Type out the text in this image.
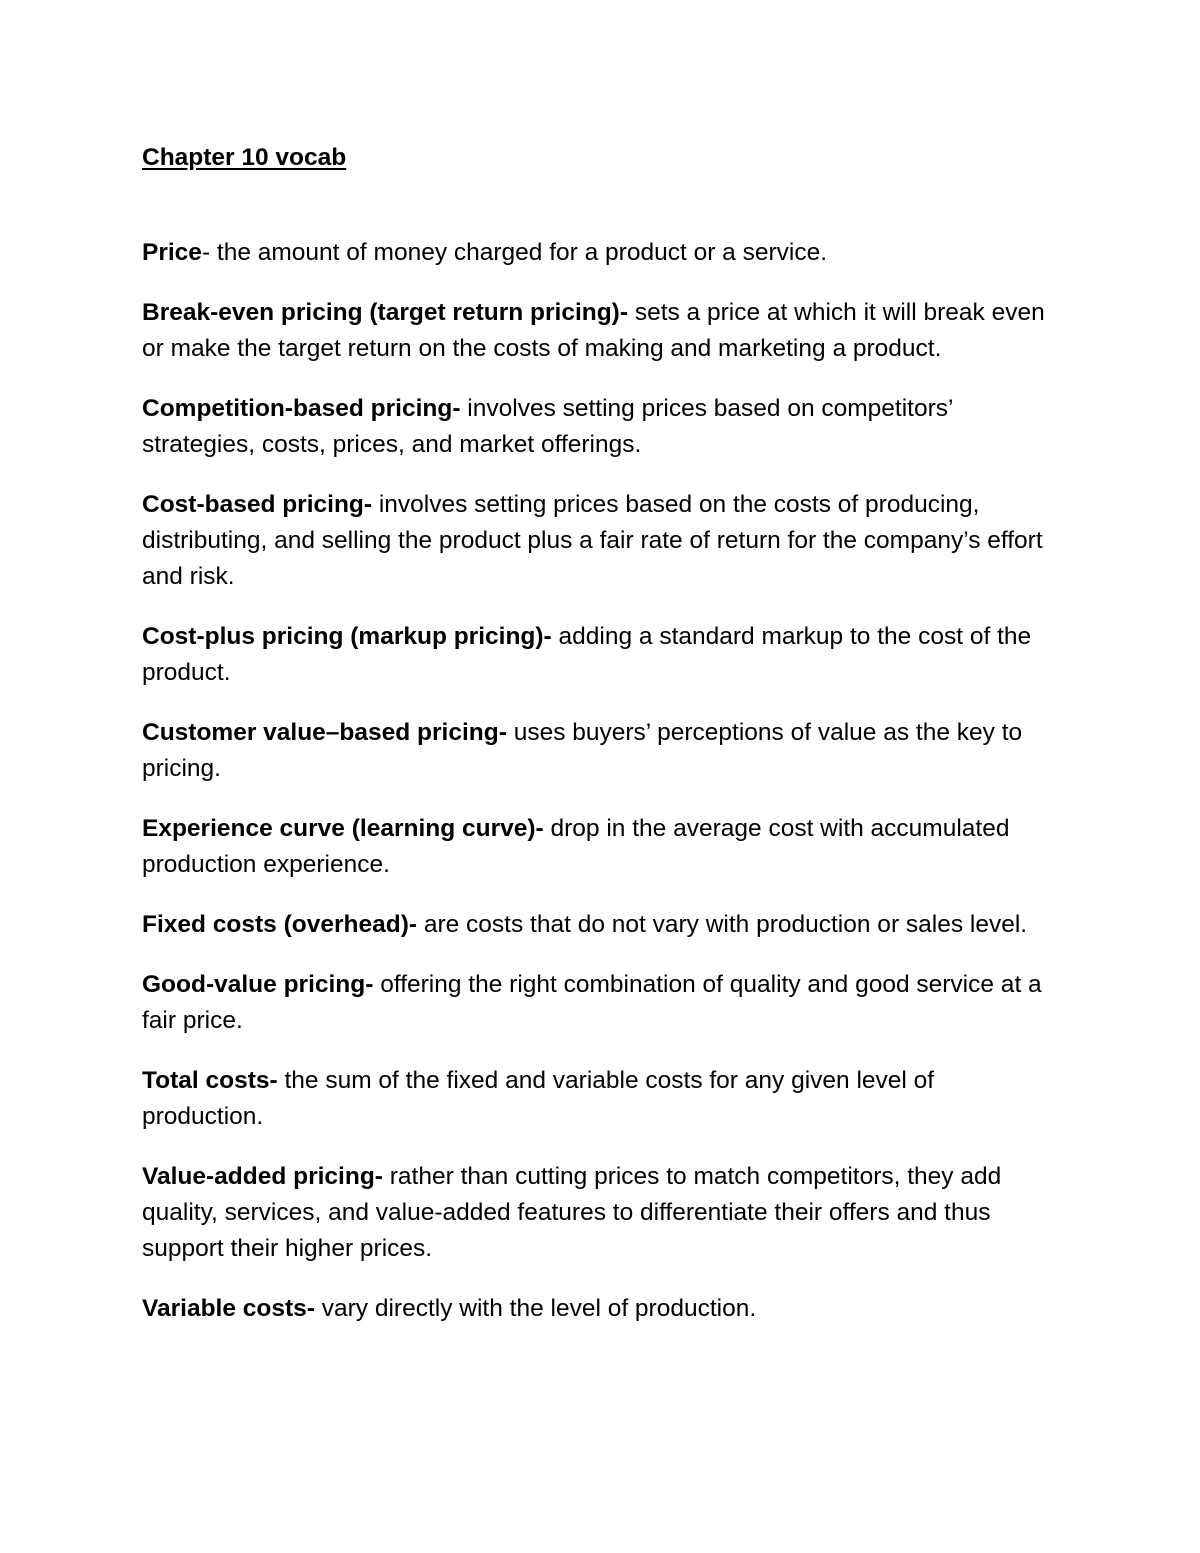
Chapter 10 vocab

Price- the amount of money charged for a product or a service.

Break-even pricing (target return pricing)- sets a price at which it will break even or make the target return on the costs of making and marketing a product.

Competition-based pricing- involves setting prices based on competitors’ strategies, costs, prices, and market offerings.

Cost-based pricing- involves setting prices based on the costs of producing, distributing, and selling the product plus a fair rate of return for the company’s effort and risk.

Cost-plus pricing (markup pricing)- adding a standard markup to the cost of the product.

Customer value–based pricing- uses buyers’ perceptions of value as the key to pricing.

Experience curve (learning curve)- drop in the average cost with accumulated production experience.

Fixed costs (overhead)- are costs that do not vary with production or sales level.

Good-value pricing- offering the right combination of quality and good service at a fair price.

Total costs- the sum of the fixed and variable costs for any given level of production.

Value-added pricing- rather than cutting prices to match competitors, they add quality, services, and value-added features to differentiate their offers and thus support their higher prices.

Variable costs- vary directly with the level of production.
